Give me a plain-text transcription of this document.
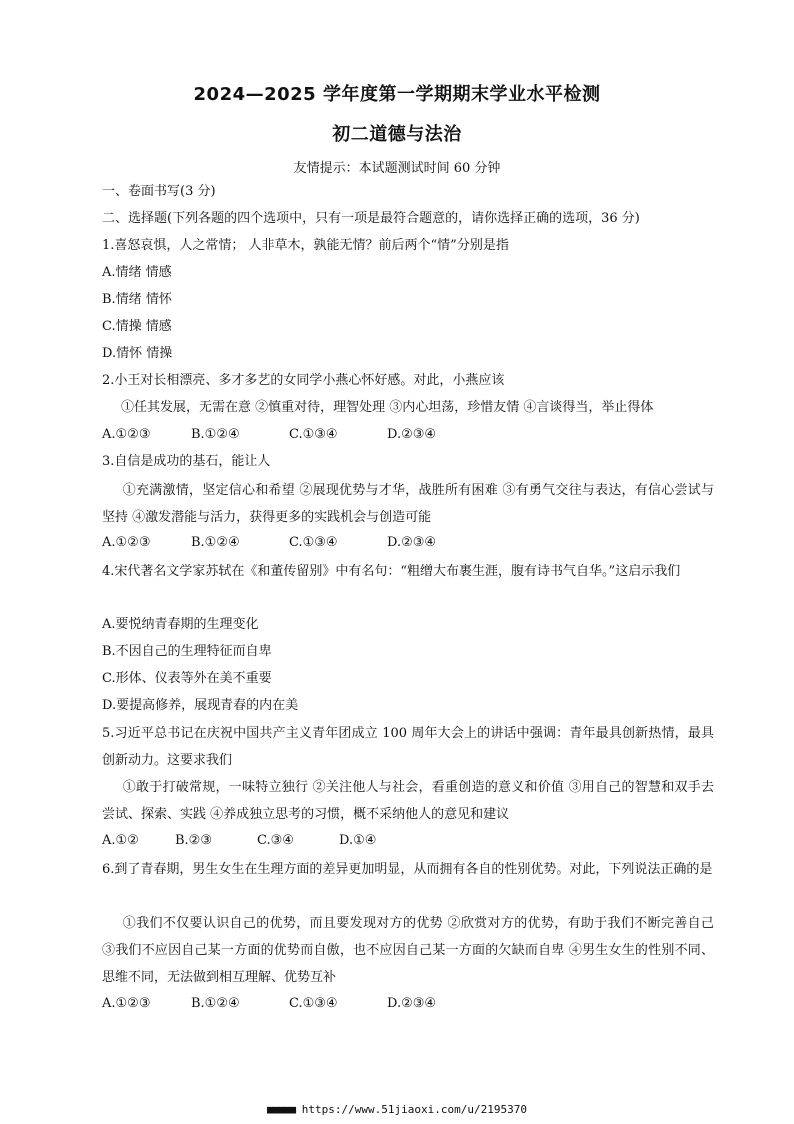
2024—2025 学年度第一学期期末学业水平检测
初二道德与法治
友情提示：本试题测试时间 60 分钟
一、卷面书写(3 分)
二、选择题(下列各题的四个选项中，只有一项是最符合题意的，请你选择正确的选项，36 分)
1.喜怒哀惧，人之常情； 人非草木，孰能无情？前后两个“情”分别是指
A.情绪 情感
B.情绪 情怀
C.情操 情感
D.情怀 情操
2.小王对长相漂亮、多才多艺的女同学小燕心怀好感。对此，小燕应该
①任其发展，无需在意 ②慎重对待，理智处理 ③内心坦荡，珍惜友情 ④言谈得当，举止得体
A.①②③	B.①②④	C.①③④	D.②③④
3.自信是成功的基石，能让人
①充满激情，坚定信心和希望 ②展现优势与才华，战胜所有困难 ③有勇气交往与表达，有信心尝试与坚持 ④激发潜能与活力，获得更多的实践机会与创造可能
A.①②③	B.①②④	C.①③④	D.②③④
4.宋代著名文学家苏轼在《和董传留别》中有名句：“粗缯大布裹生涯，腹有诗书气自华。”这启示我们
A.要悦纳青春期的生理变化
B.不因自己的生理特征而自卑
C.形体、仪表等外在美不重要
D.要提高修养，展现青春的内在美
5.习近平总书记在庆祝中国共产主义青年团成立 100 周年大会上的讲话中强调：青年最具创新热情，最具创新动力。这要求我们
①敢于打破常规，一味特立独行 ②关注他人与社会，看重创造的意义和价值 ③用自己的智慧和双手去尝试、探索、实践 ④养成独立思考的习惯，概不采纳他人的意见和建议
A.①②	B.②③	C.③④	D.①④
6.到了青春期，男生女生在生理方面的差异更加明显，从而拥有各自的性别优势。对此，下列说法正确的是
①我们不仅要认识自己的优势，而且要发现对方的优势 ②欣赏对方的优势，有助于我们不断完善自己 ③我们不应因自己某一方面的优势而自傲，也不应因自己某一方面的欠缺而自卑 ④男生女生的性别不同、思维不同，无法做到相互理解、优势互补
A.①②③	B.①②④	C.①③④	D.②③④
■■■■■ https://www.51jiaoxi.com/u/2195370
